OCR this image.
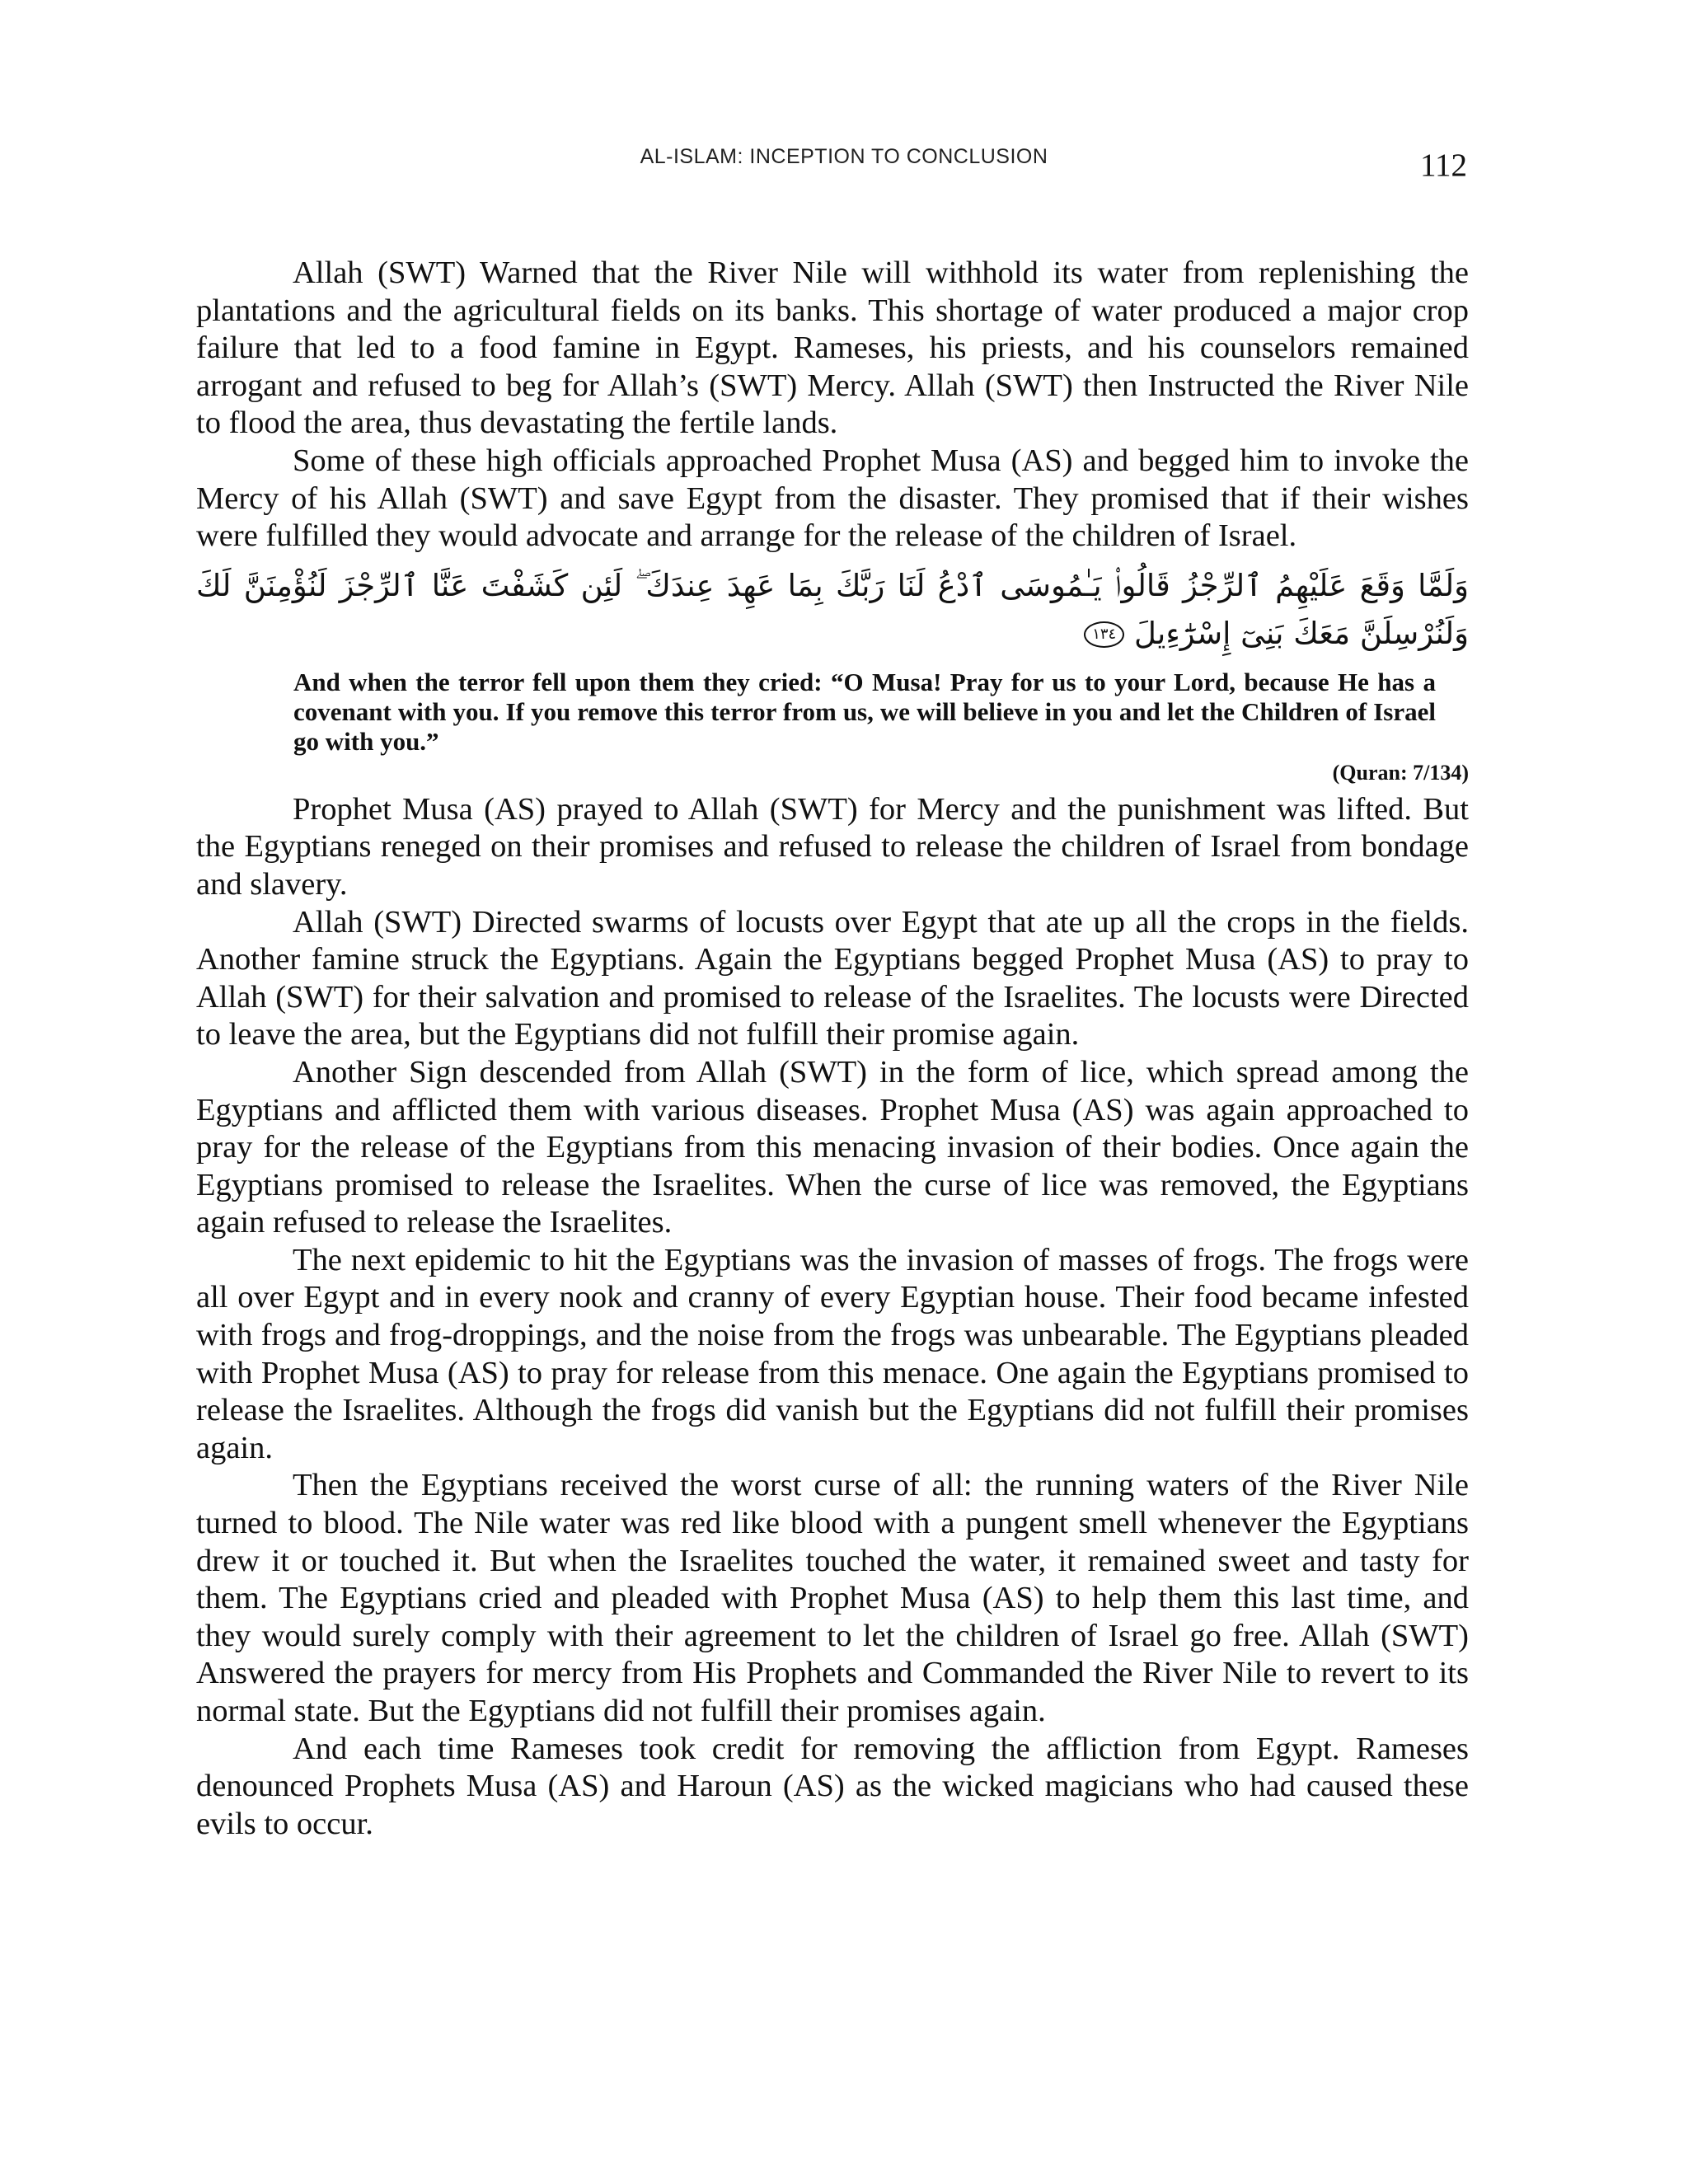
AL-ISLAM: INCEPTION TO CONCLUSION	112

Allah (SWT) Warned that the River Nile will withhold its water from replenishing the plantations and the agricultural fields on its banks. This shortage of water produced a major crop failure that led to a food famine in Egypt. Rameses, his priests, and his counselors remained arrogant and refused to beg for Allah’s (SWT) Mercy. Allah (SWT) then Instructed the River Nile to flood the area, thus devastating the fertile lands.

Some of these high officials approached Prophet Musa (AS) and begged him to invoke the Mercy of his Allah (SWT) and save Egypt from the disaster. They promised that if their wishes were fulfilled they would advocate and arrange for the release of the children of Israel.

وَلَمَّا وَقَعَ عَلَيْهِمُ ٱلرِّجْزُ قَالُوا۟ يَـٰمُوسَى ٱدْعُ لَنَا رَبَّكَ بِمَا عَهِدَ عِندَكَ ۖ لَئِن كَشَفْتَ عَنَّا ٱلرِّجْزَ لَنُؤْمِنَنَّ لَكَ وَلَنُرْسِلَنَّ مَعَكَ بَنِىٓ إِسْرَٰٓءِيلَ ١٣٤
And when the terror fell upon them they cried: “O Musa! Pray for us to your Lord, because He has a covenant with you. If you remove this terror from us, we will believe in you and let the Children of Israel go with you.”
(Quran: 7/134)

Prophet Musa (AS) prayed to Allah (SWT) for Mercy and the punishment was lifted. But the Egyptians reneged on their promises and refused to release the children of Israel from bondage and slavery.

Allah (SWT) Directed swarms of locusts over Egypt that ate up all the crops in the fields. Another famine struck the Egyptians. Again the Egyptians begged Prophet Musa (AS) to pray to Allah (SWT) for their salvation and promised to release of the Israelites. The locusts were Directed to leave the area, but the Egyptians did not fulfill their promise again.

Another Sign descended from Allah (SWT) in the form of lice, which spread among the Egyptians and afflicted them with various diseases. Prophet Musa (AS) was again approached to pray for the release of the Egyptians from this menacing invasion of their bodies. Once again the Egyptians promised to release the Israelites. When the curse of lice was removed, the Egyptians again refused to release the Israelites.

The next epidemic to hit the Egyptians was the invasion of masses of frogs. The frogs were all over Egypt and in every nook and cranny of every Egyptian house. Their food became infested with frogs and frog-droppings, and the noise from the frogs was unbearable. The Egyptians pleaded with Prophet Musa (AS) to pray for release from this menace. One again the Egyptians promised to release the Israelites. Although the frogs did vanish but the Egyptians did not fulfill their promises again.

Then the Egyptians received the worst curse of all: the running waters of the River Nile turned to blood. The Nile water was red like blood with a pungent smell whenever the Egyptians drew it or touched it. But when the Israelites touched the water, it remained sweet and tasty for them. The Egyptians cried and pleaded with Prophet Musa (AS) to help them this last time, and they would surely comply with their agreement to let the children of Israel go free. Allah (SWT) Answered the prayers for mercy from His Prophets and Commanded the River Nile to revert to its normal state. But the Egyptians did not fulfill their promises again.

And each time Rameses took credit for removing the affliction from Egypt. Rameses denounced Prophets Musa (AS) and Haroun (AS) as the wicked magicians who had caused these evils to occur.
